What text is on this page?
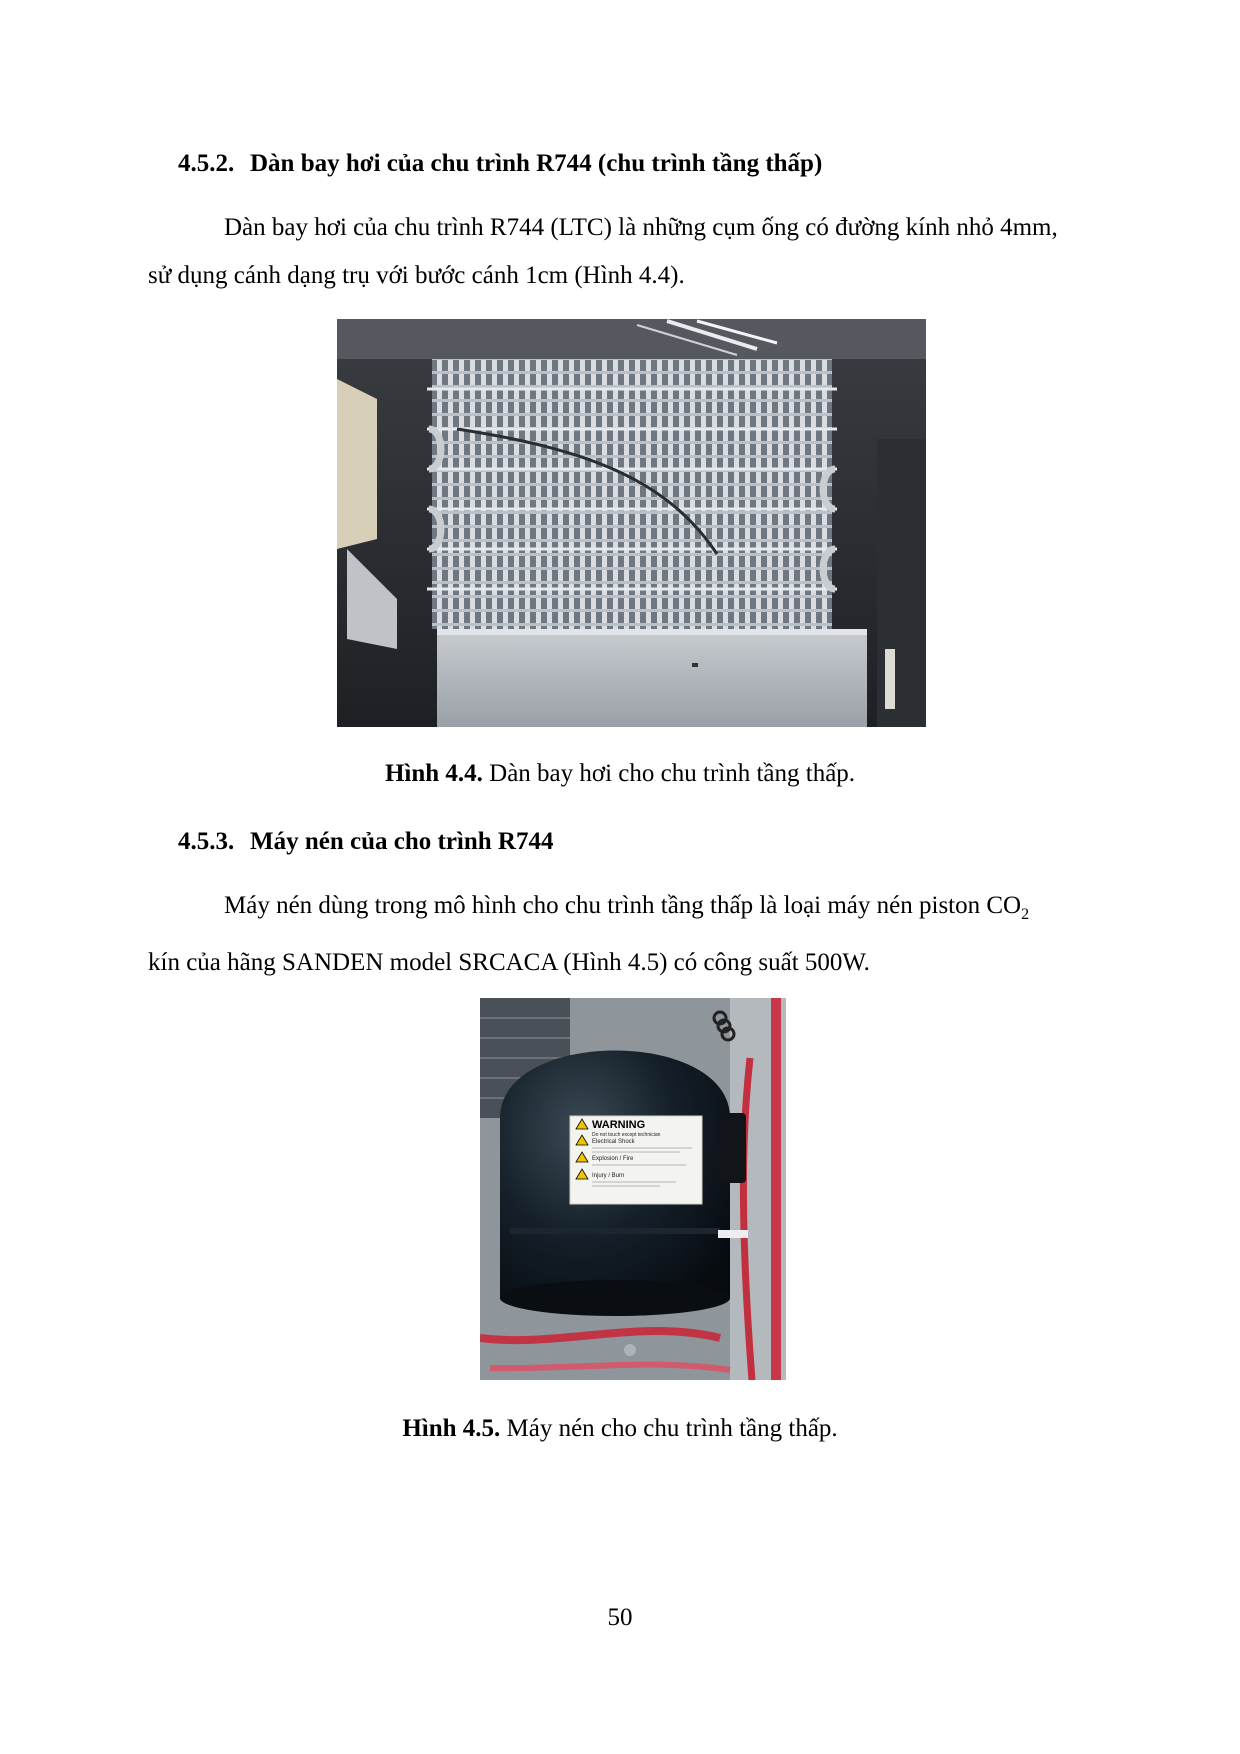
4.5.2. Dàn bay hơi của chu trình R744 (chu trình tầng thấp)
Dàn bay hơi của chu trình R744 (LTC) là những cụm ống có đường kính nhỏ 4mm,
sử dụng cánh dạng trụ với bước cánh 1cm (Hình 4.4).
Hình 4.4. Dàn bay hơi cho chu trình tầng thấp.
4.5.3. Máy nén của cho trình R744
Máy nén dùng trong mô hình cho chu trình tầng thấp là loại máy nén piston $CO_2$
kín của hãng SANDEN model SRCACA (Hình 4.5) có công suất 500W.
WARNING
Do not touch except technician
Electrical Shock
Explosion / Fire
Injury / Burn
Hình 4.5. Máy nén cho chu trình tầng thấp.
50
